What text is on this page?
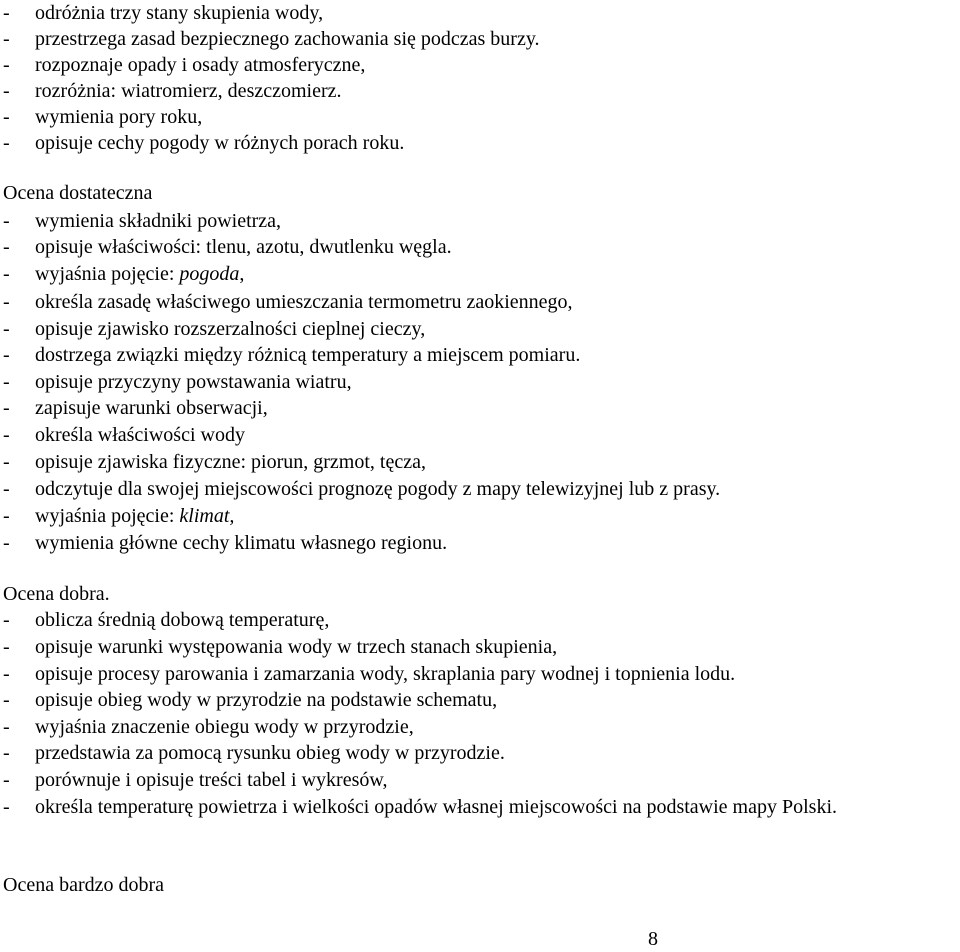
- odróżnia trzy stany skupienia wody,
- przestrzega zasad bezpiecznego zachowania się podczas burzy.
- rozpoznaje opady i osady atmosferyczne,
- rozróżnia: wiatromierz, deszczomierz.
- wymienia pory roku,
- opisuje cechy pogody w różnych porach roku.
Ocena dostateczna
- wymienia składniki powietrza,
- opisuje właściwości: tlenu, azotu, dwutlenku węgla.
- wyjaśnia pojęcie: pogoda,
- określa zasadę właściwego umieszczania termometru zaokiennego,
- opisuje zjawisko rozszerzalności cieplnej cieczy,
- dostrzega związki między różnicą temperatury a miejscem pomiaru.
- opisuje przyczyny powstawania wiatru,
- zapisuje warunki obserwacji,
- określa właściwości wody
- opisuje zjawiska fizyczne: piorun, grzmot, tęcza,
- odczytuje dla swojej miejscowości prognozę pogody z mapy telewizyjnej lub z prasy.
- wyjaśnia pojęcie: klimat,
- wymienia główne cechy klimatu własnego regionu.
Ocena dobra.
- oblicza średnią dobową temperaturę,
- opisuje warunki występowania wody w trzech stanach skupienia,
- opisuje procesy parowania i zamarzania wody, skraplania pary wodnej i topnienia lodu.
- opisuje obieg wody w przyrodzie na podstawie schematu,
- wyjaśnia znaczenie obiegu wody w przyrodzie,
- przedstawia za pomocą rysunku obieg wody w przyrodzie.
- porównuje i opisuje treści tabel i wykresów,
- określa temperaturę powietrza i wielkości opadów własnej miejscowości na podstawie mapy Polski.
Ocena bardzo dobra
8
